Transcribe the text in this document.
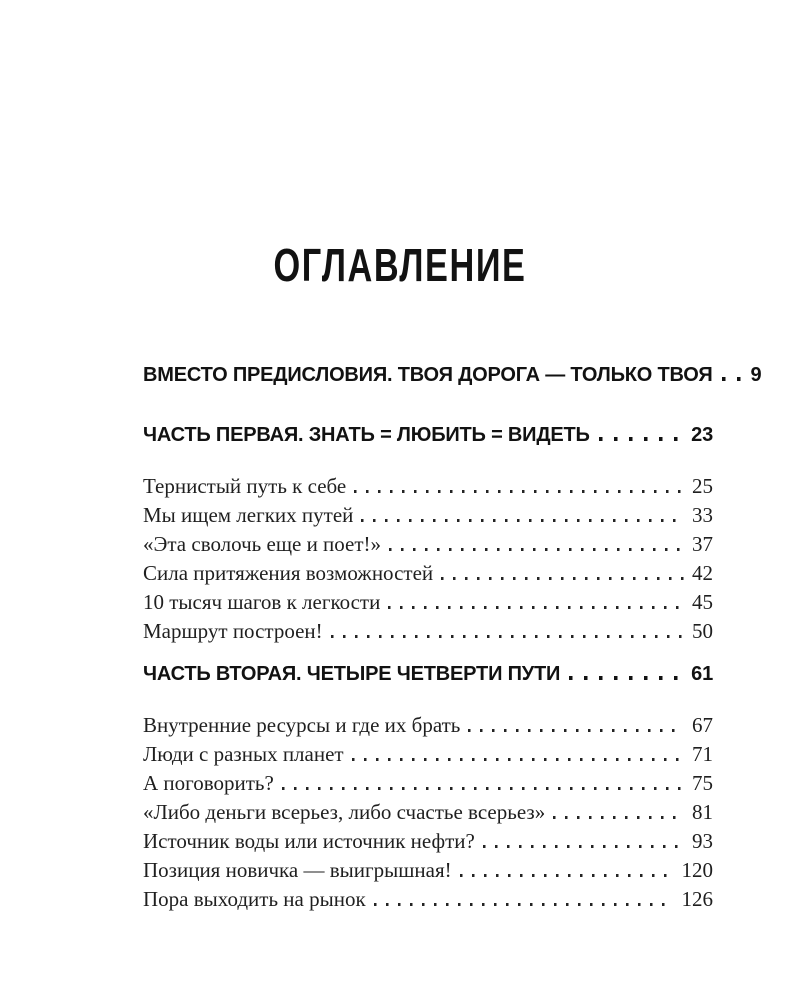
ОГЛАВЛЕНИЕ
ВМЕСТО ПРЕДИСЛОВИЯ. ТВОЯ ДОРОГА — ТОЛЬКО ТВОЯ 9
ЧАСТЬ ПЕРВАЯ. ЗНАТЬ = ЛЮБИТЬ = ВИДЕТЬ	23
Тернистый путь к себе	25
Мы ищем легких путей	33
«Эта сволочь еще и поет!»	37
Сила притяжения возможностей	42
10 тысяч шагов к легкости	45
Маршрут построен!	50
ЧАСТЬ ВТОРАЯ. ЧЕТЫРЕ ЧЕТВЕРТИ ПУТИ	61
Внутренние ресурсы и где их брать	67
Люди с разных планет	71
А поговорить?	75
«Либо деньги всерьез, либо счастье всерьез»	81
Источник воды или источник нефти?	93
Позиция новичка — выигрышная!	120
Пора выходить на рынок	126
